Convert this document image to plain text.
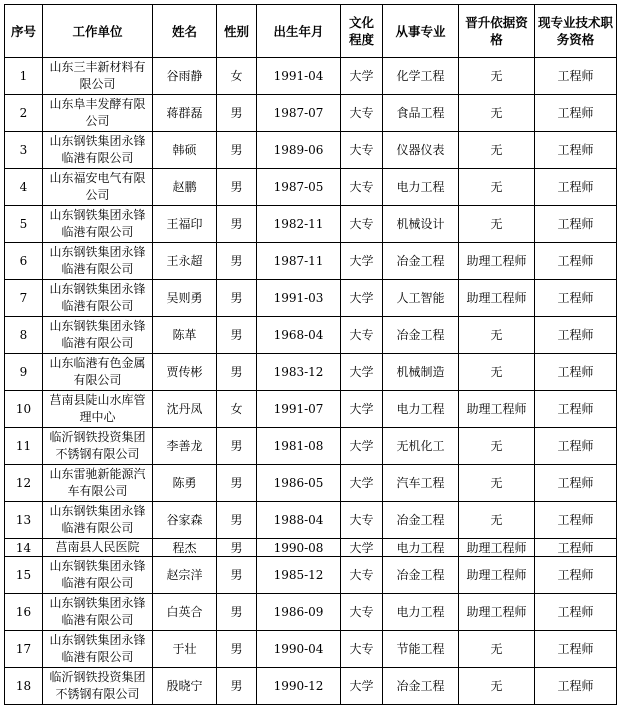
序号	工作单位	姓名	性别	出生年月	文化程度	从事专业	晋升依据资格	现专业技术职务资格
1	山东三丰新材料有限公司	谷雨静	女	1991-04	大学	化学工程	无	工程师
2	山东阜丰发酵有限公司	蒋群磊	男	1987-07	大专	食品工程	无	工程师
3	山东钢铁集团永锋临港有限公司	韩硕	男	1989-06	大专	仪器仪表	无	工程师
4	山东福安电气有限公司	赵鹏	男	1987-05	大专	电力工程	无	工程师
5	山东钢铁集团永锋临港有限公司	王福印	男	1982-11	大专	机械设计	无	工程师
6	山东钢铁集团永锋临港有限公司	王永超	男	1987-11	大学	冶金工程	助理工程师	工程师
7	山东钢铁集团永锋临港有限公司	吴则勇	男	1991-03	大学	人工智能	助理工程师	工程师
8	山东钢铁集团永锋临港有限公司	陈革	男	1968-04	大专	冶金工程	无	工程师
9	山东临港有色金属有限公司	贾传彬	男	1983-12	大学	机械制造	无	工程师
10	莒南县陡山水库管理中心	沈丹凤	女	1991-07	大学	电力工程	助理工程师	工程师
11	临沂钢铁投资集团不锈钢有限公司	李善龙	男	1981-08	大学	无机化工	无	工程师
12	山东雷驰新能源汽车有限公司	陈勇	男	1986-05	大学	汽车工程	无	工程师
13	山东钢铁集团永锋临港有限公司	谷家森	男	1988-04	大专	冶金工程	无	工程师
14	莒南县人民医院	程杰	男	1990-08	大学	电力工程	助理工程师	工程师
15	山东钢铁集团永锋临港有限公司	赵宗洋	男	1985-12	大专	冶金工程	助理工程师	工程师
16	山东钢铁集团永锋临港有限公司	白英合	男	1986-09	大专	电力工程	助理工程师	工程师
17	山东钢铁集团永锋临港有限公司	于壮	男	1990-04	大专	节能工程	无	工程师
18	临沂钢铁投资集团不锈钢有限公司	殷晓宁	男	1990-12	大学	冶金工程	无	工程师
